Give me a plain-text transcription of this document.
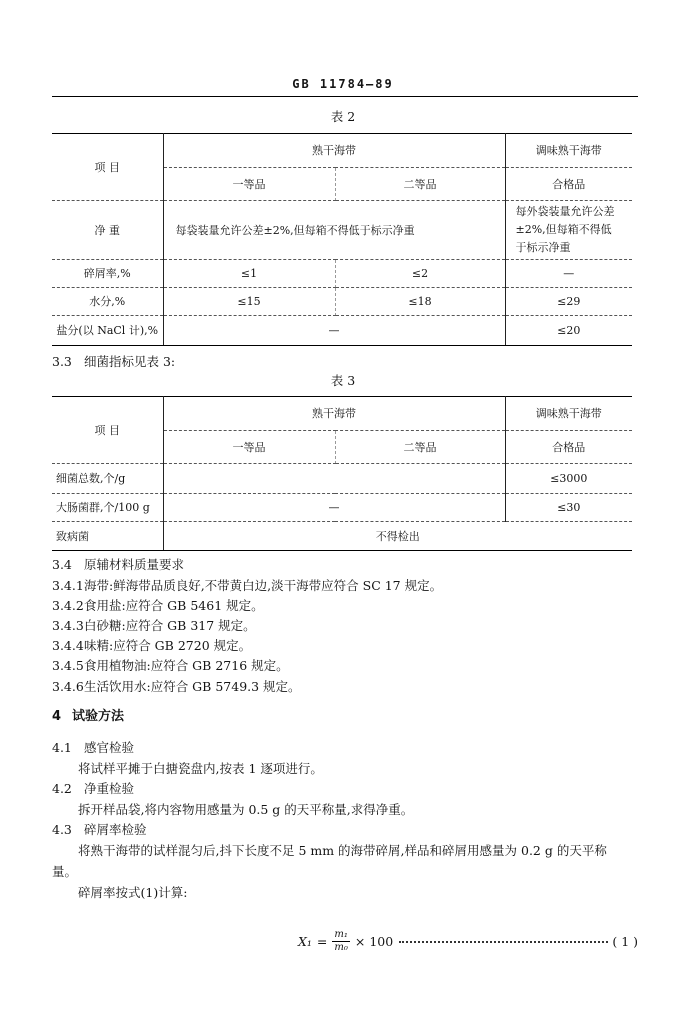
GB 11784—89
表 2
项 目	熟干海带		调味熟干海带
	一等品	二等品	合格品
净 重	每袋装量允许公差±2%,但每箱不得低于标示净重		每外袋装量允许公差
±2%,但每箱不得低
于标示净重

碎屑率,%	≤1	≤2	—
水分,%	≤15	≤18	≤29
盐分(以 NaCl 计),%	—		≤20
3.3 细菌指标见表 3:
表 3
项 目	熟干海带		调味熟干海带
	一等品	二等品	合格品
细菌总数,个/g			≤3000
大肠菌群,个/100 g	—		≤30
致病菌	不得检出		
3.4 原辅材料质量要求
3.4.1海带:鲜海带品质良好,不带黄白边,淡干海带应符合 SC 17 规定。
3.4.2食用盐:应符合 GB 5461 规定。
3.4.3白砂糖:应符合 GB 317 规定。
3.4.4味精:应符合 GB 2720 规定。
3.4.5食用植物油:应符合 GB 2716 规定。
3.4.6生活饮用水:应符合 GB 5749.3 规定。
4 试验方法
4.1 感官检验
将试样平摊于白搪瓷盘内,按表 1 逐项进行。
4.2 净重检验
拆开样品袋,将内容物用感量为 0.5 g 的天平称量,求得净重。
4.3 碎屑率检验
将熟干海带的试样混匀后,抖下长度不足 5 mm 的海带碎屑,样品和碎屑用感量为 0.2 g 的天平称
量。
碎屑率按式(1)计算:
$X_1 = \frac{\text{m₁}}{\text{m₀}} \times 100$	( 1 )
